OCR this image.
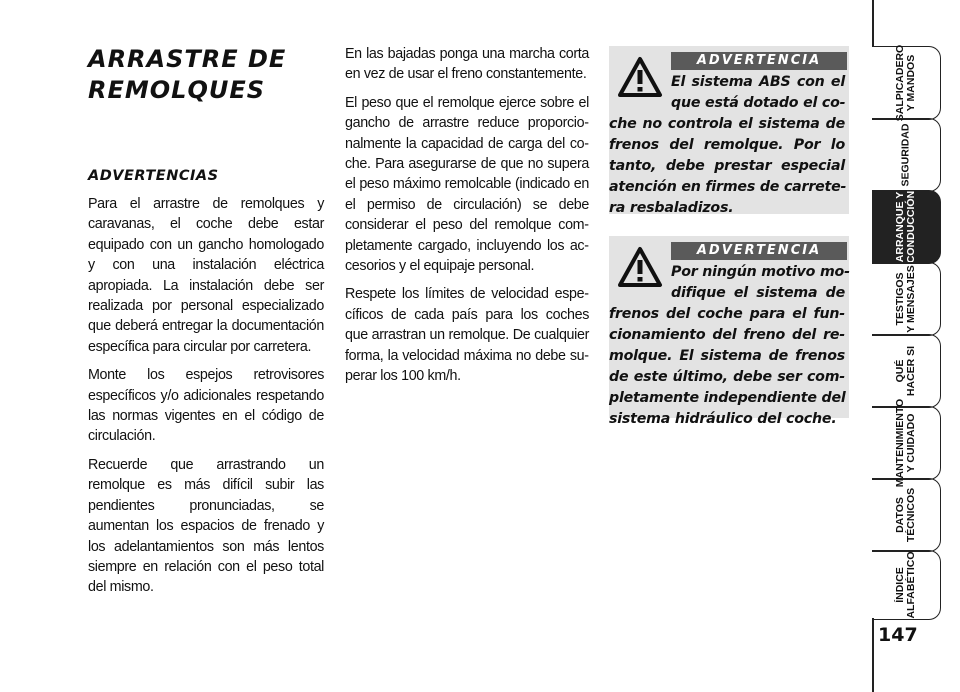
ARRASTRE DE
REMOLQUES
ADVERTENCIAS

Para el arrastre de remolques y caravanas, el coche debe estar equipado con un gancho homologado y con una instalación eléctrica apropiada. La instalación debe ser realizada por personal especializado que deberá entregar la documentación específica para circular por carretera.

Monte los espejos retrovisores específicos y/o adicionales respetando las normas vigentes en el código de circulación.

Recuerde que arrastrando un remolque es más difícil subir las pendientes pronunciadas, se aumentan los espacios de frenado y los adelantamientos son más lentos siempre en relación con el peso total del mismo.

En las bajadas ponga una marcha corta en vez de usar el freno constantemente.

El peso que el remolque ejerce sobre el gancho de arrastre reduce proporcionalmente la capacidad de carga del coche. Para asegurarse de que no supera el peso máximo remolcable (indicado en el permiso de circulación) se debe considerar el peso del remolque completamente cargado, incluyendo los accesorios y el equipaje personal.

Respete los límites de velocidad específicos de cada país para los coches que arrastran un remolque. De cualquier forma, la velocidad máxima no debe superar los 100 km/h.

ADVERTENCIA
El sistema ABS con el
que está dotado el co-
che no controla el sistema de
frenos del remolque. Por lo
tanto, debe prestar especial
atención en firmes de carrete-
ra resbaladizos.
ADVERTENCIA
Por ningún motivo mo-
difique el sistema de
frenos del coche para el fun-
cionamiento del freno del re-
molque. El sistema de frenos
de este último, debe ser com-
pletamente independiente del
sistema hidráulico del coche.
SALPICADERO
Y MANDOS
SEGURIDAD
ARRANQUE Y
CONDUCCIÓN
TESTIGOS
Y MENSAJES
QUÉ
HACER SI
MANTENIMIENTO
Y CUIDADO
DATOS
TÉCNICOS
ÍNDICE
ALFABÉTICO
147
